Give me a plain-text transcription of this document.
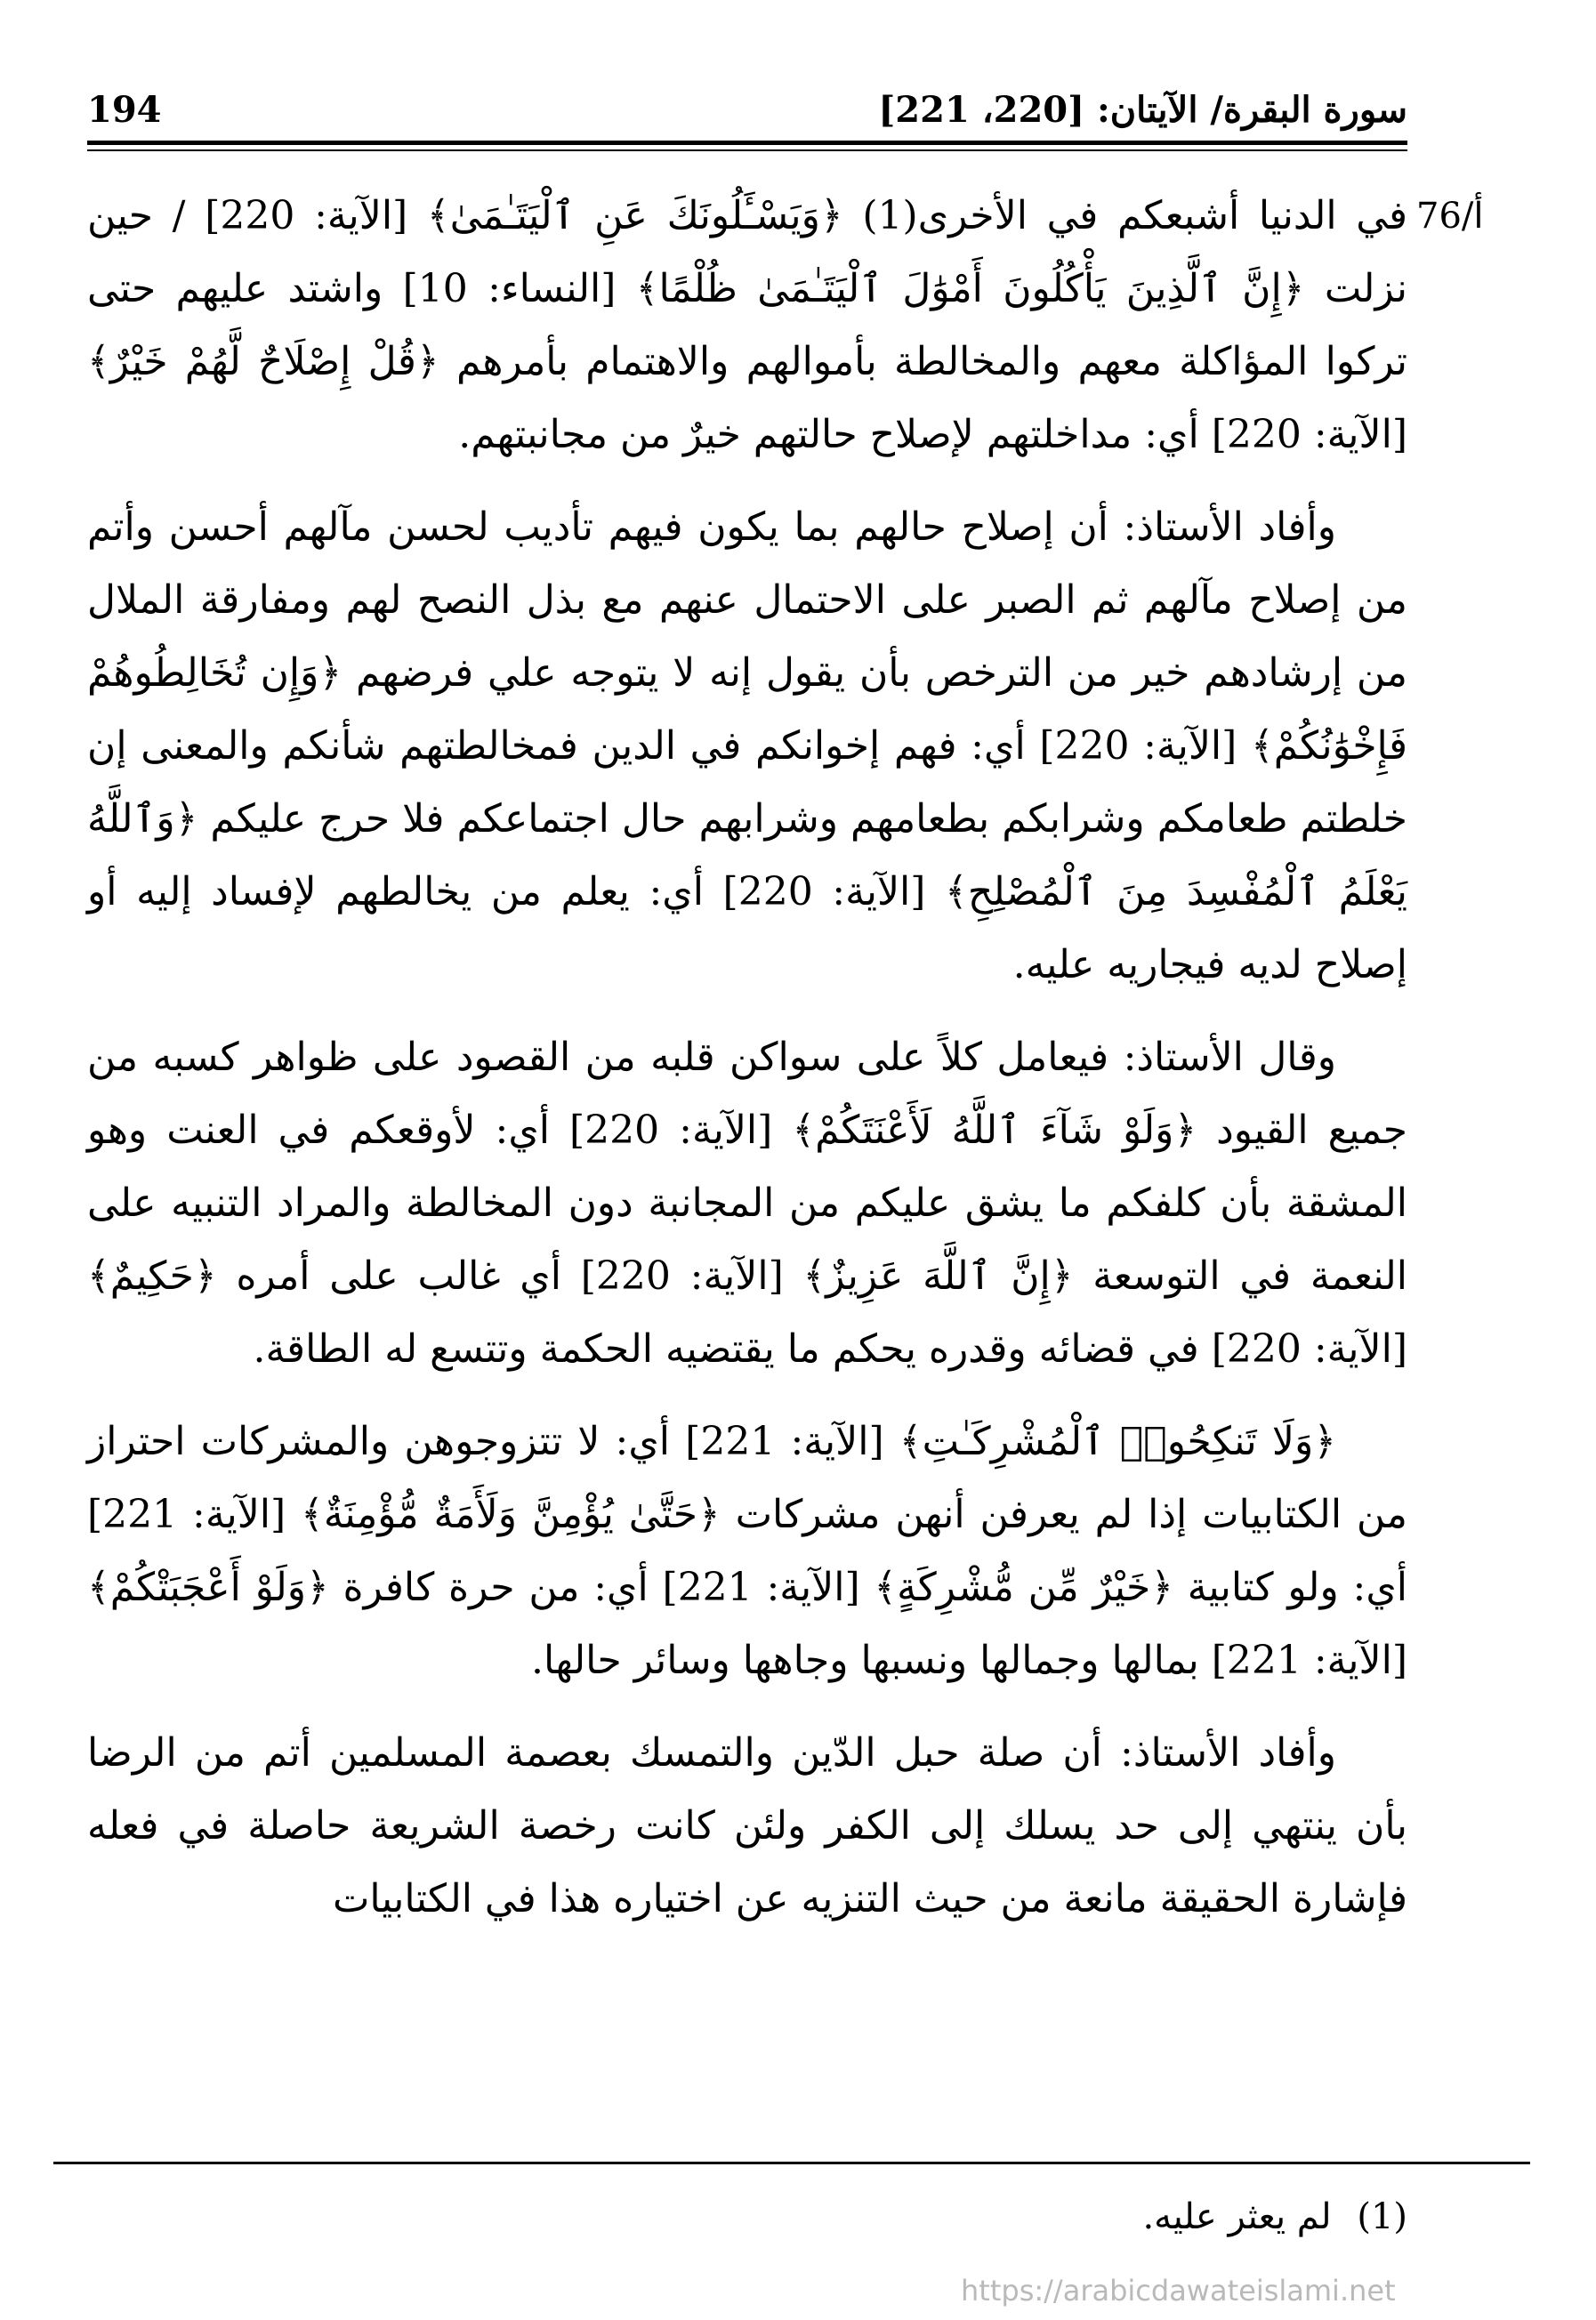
سورة البقرة/ الآيتان: [220، 221]
194
76/أ

في الدنيا أشبعكم في الأخرى(1) ﴿وَيَسْـَٔلُونَكَ عَنِ ٱلْيَتَـٰمَىٰ﴾ [الآية: 220] / حين نزلت ﴿إِنَّ ٱلَّذِينَ يَأْكُلُونَ أَمْوَٰلَ ٱلْيَتَـٰمَىٰ ظُلْمًا﴾ [النساء: 10] واشتد عليهم حتى تركوا المؤاكلة معهم والمخالطة بأموالهم والاهتمام بأمرهم ﴿قُلْ إِصْلَاحٌ لَّهُمْ خَيْرٌ﴾ [الآية: 220] أي: مداخلتهم لإصلاح حالتهم خيرٌ من مجانبتهم.

وأفاد الأستاذ: أن إصلاح حالهم بما يكون فيهم تأديب لحسن مآلهم أحسن وأتم من إصلاح مآلهم ثم الصبر على الاحتمال عنهم مع بذل النصح لهم ومفارقة الملال من إرشادهم خير من الترخص بأن يقول إنه لا يتوجه علي فرضهم ﴿وَإِن تُخَالِطُوهُمْ فَإِخْوَٰنُكُمْ﴾ [الآية: 220] أي: فهم إخوانكم في الدين فمخالطتهم شأنكم والمعنى إن خلطتم طعامكم وشرابكم بطعامهم وشرابهم حال اجتماعكم فلا حرج عليكم ﴿وَٱللَّهُ يَعْلَمُ ٱلْمُفْسِدَ مِنَ ٱلْمُصْلِحِ﴾ [الآية: 220] أي: يعلم من يخالطهم لإفساد إليه أو إصلاح لديه فيجاريه عليه.

وقال الأستاذ: فيعامل كلاً على سواكن قلبه من القصود على ظواهر كسبه من جميع القيود ﴿وَلَوْ شَآءَ ٱللَّهُ لَأَعْنَتَكُمْ﴾ [الآية: 220] أي: لأوقعكم في العنت وهو المشقة بأن كلفكم ما يشق عليكم من المجانبة دون المخالطة والمراد التنبيه على النعمة في التوسعة ﴿إِنَّ ٱللَّهَ عَزِيزٌ﴾ [الآية: 220] أي غالب على أمره ﴿حَكِيمٌ﴾ [الآية: 220] في قضائه وقدره يحكم ما يقتضيه الحكمة وتتسع له الطاقة.

﴿وَلَا تَنكِحُوا۟ ٱلْمُشْرِكَـٰتِ﴾ [الآية: 221] أي: لا تتزوجوهن والمشركات احتراز من الكتابيات إذا لم يعرفن أنهن مشركات ﴿حَتَّىٰ يُؤْمِنَّ وَلَأَمَةٌ مُّؤْمِنَةٌ﴾ [الآية: 221] أي: ولو كتابية ﴿خَيْرٌ مِّن مُّشْرِكَةٍ﴾ [الآية: 221] أي: من حرة كافرة ﴿وَلَوْ أَعْجَبَتْكُمْ﴾ [الآية: 221] بمالها وجمالها ونسبها وجاهها وسائر حالها.

وأفاد الأستاذ: أن صلة حبل الدّين والتمسك بعصمة المسلمين أتم من الرضا بأن ينتهي إلى حد يسلك إلى الكفر ولئن كانت رخصة الشريعة حاصلة في فعله فإشارة الحقيقة مانعة من حيث التنزيه عن اختياره هذا في الكتابيات

(1) لم يعثر عليه.
https://arabicdawateislami.net
